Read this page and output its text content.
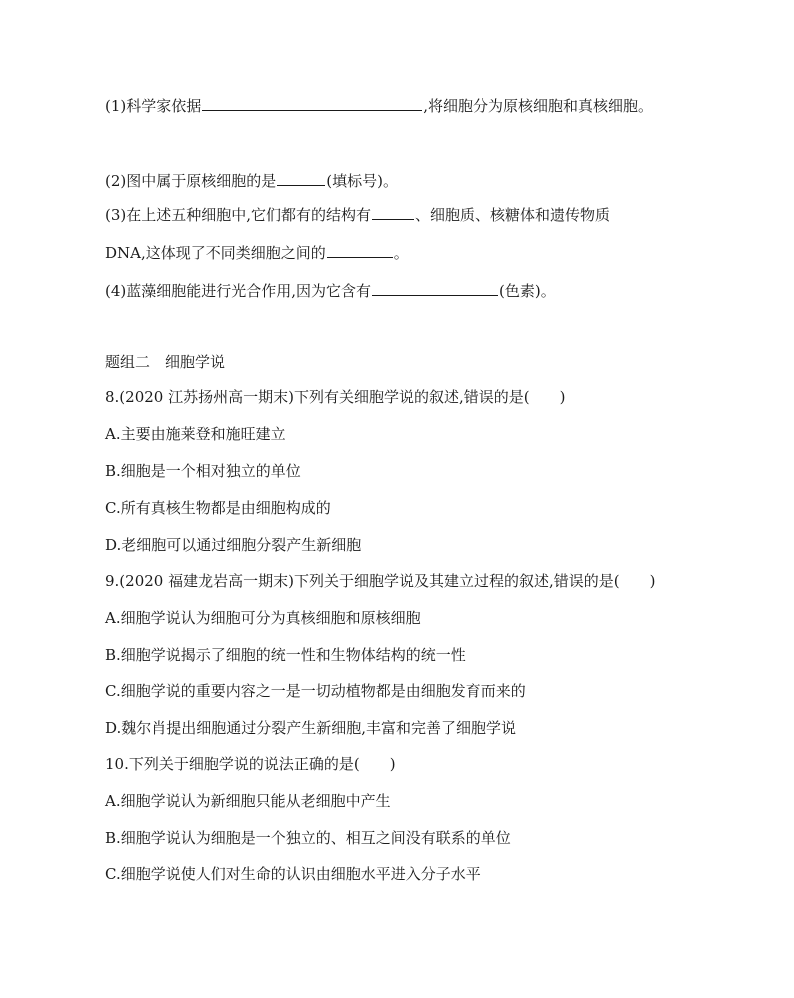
(1)科学家依据	,将细胞分为原核细胞和真核细胞。
(2)图中属于原核细胞的是	(填标号)。
(3)在上述五种细胞中,它们都有的结构有	、细胞质、核糖体和遗传物质
DNA,这体现了不同类细胞之间的	。
(4)蓝藻细胞能进行光合作用,因为它含有	(色素)。
题组二　细胞学说
8.(2020 江苏扬州高一期末)下列有关细胞学说的叙述,错误的是(　　)
A.主要由施莱登和施旺建立
B.细胞是一个相对独立的单位
C.所有真核生物都是由细胞构成的
D.老细胞可以通过细胞分裂产生新细胞
9.(2020 福建龙岩高一期末)下列关于细胞学说及其建立过程的叙述,错误的是(　　)
A.细胞学说认为细胞可分为真核细胞和原核细胞
B.细胞学说揭示了细胞的统一性和生物体结构的统一性
C.细胞学说的重要内容之一是一切动植物都是由细胞发育而来的
D.魏尔肖提出细胞通过分裂产生新细胞,丰富和完善了细胞学说
10.下列关于细胞学说的说法正确的是(　　)
A.细胞学说认为新细胞只能从老细胞中产生
B.细胞学说认为细胞是一个独立的、相互之间没有联系的单位
C.细胞学说使人们对生命的认识由细胞水平进入分子水平
